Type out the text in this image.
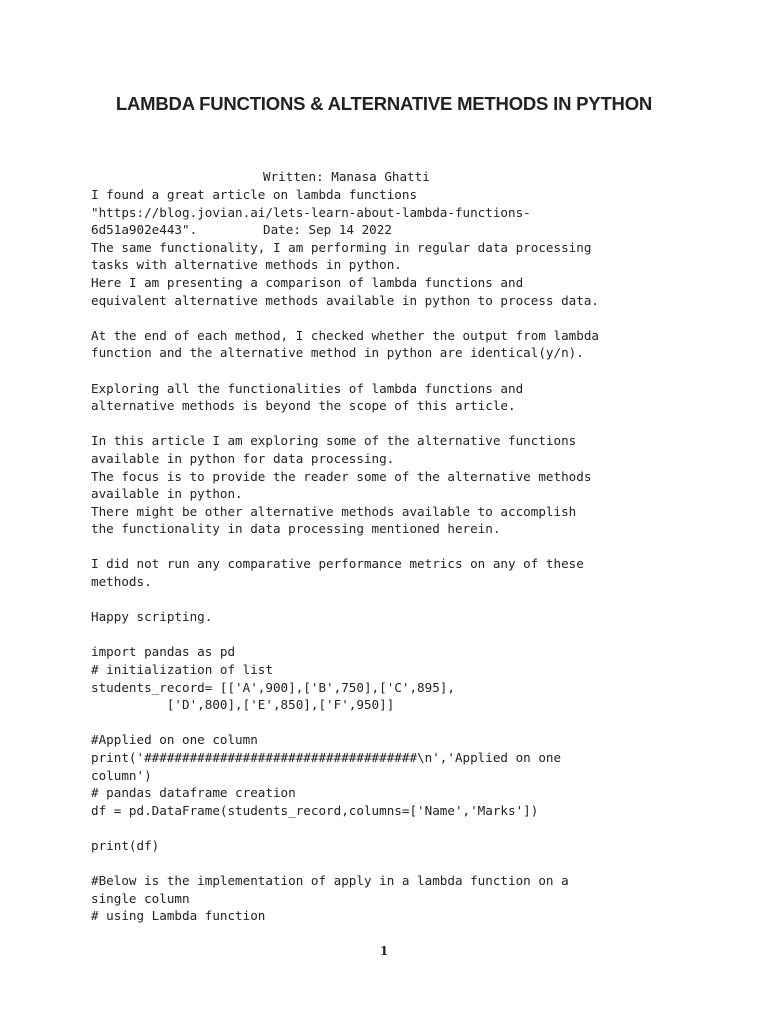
LAMBDA FUNCTIONS & ALTERNATIVE METHODS IN PYTHON

Written: Manasa Ghatti

Date: Sep 14 2022

I found a great article on lambda functions
"https://blog.jovian.ai/lets-learn-about-lambda-functions-
6d51a902e443".
The same functionality, I am performing in regular data processing
tasks with alternative methods in python.
Here I am presenting a comparison of lambda functions and
equivalent alternative methods available in python to process data.
At the end of each method, I checked whether the output from lambda
function and the alternative method in python are identical(y/n).
Exploring all the functionalities of lambda functions and
alternative methods is beyond the scope of this article.
In this article I am exploring some of the alternative functions
available in python for data processing.
The focus is to provide the reader some of the alternative methods
available in python.
There might be other alternative methods available to accomplish
the functionality in data processing mentioned herein.
I did not run any comparative performance metrics on any of these
methods.
Happy scripting.
import pandas as pd
# initialization of list
students_record= [['A',900],['B',750],['C',895],
['D',800],['E',850],['F',950]]
#Applied on one column
print('####################################\n','Applied on one
column')
# pandas dataframe creation
df = pd.DataFrame(students_record,columns=['Name','Marks'])
print(df)
#Below is the implementation of apply in a lambda function on a
single column
# using Lambda function
1
